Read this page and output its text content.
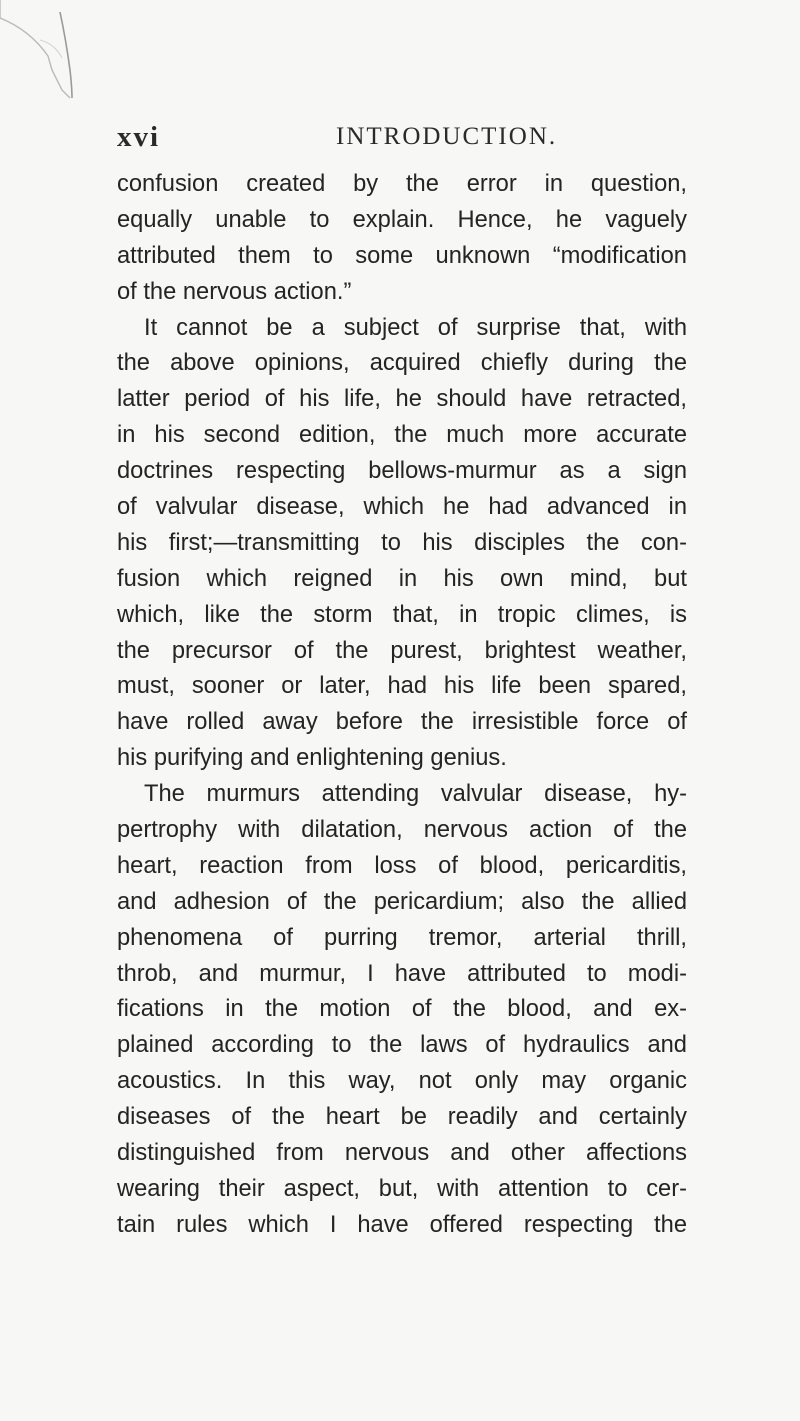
xvi	INTRODUCTION.
confusion created by the error in question,
equally unable to explain. Hence, he vaguely
attributed them to some unknown “modification
of the nervous action.”
It cannot be a subject of surprise that, with
the above opinions, acquired chiefly during the
latter period of his life, he should have retracted,
in his second edition, the much more accurate
doctrines respecting bellows-murmur as a sign
of valvular disease, which he had advanced in
his first;—transmitting to his disciples the con-
fusion which reigned in his own mind, but
which, like the storm that, in tropic climes, is
the precursor of the purest, brightest weather,
must, sooner or later, had his life been spared,
have rolled away before the irresistible force of
his purifying and enlightening genius.
The murmurs attending valvular disease, hy-
pertrophy with dilatation, nervous action of the
heart, reaction from loss of blood, pericarditis,
and adhesion of the pericardium; also the allied
phenomena of purring tremor, arterial thrill,
throb, and murmur, I have attributed to modi-
fications in the motion of the blood, and ex-
plained according to the laws of hydraulics and
acoustics. In this way, not only may organic
diseases of the heart be readily and certainly
distinguished from nervous and other affections
wearing their aspect, but, with attention to cer-
tain rules which I have offered respecting the
